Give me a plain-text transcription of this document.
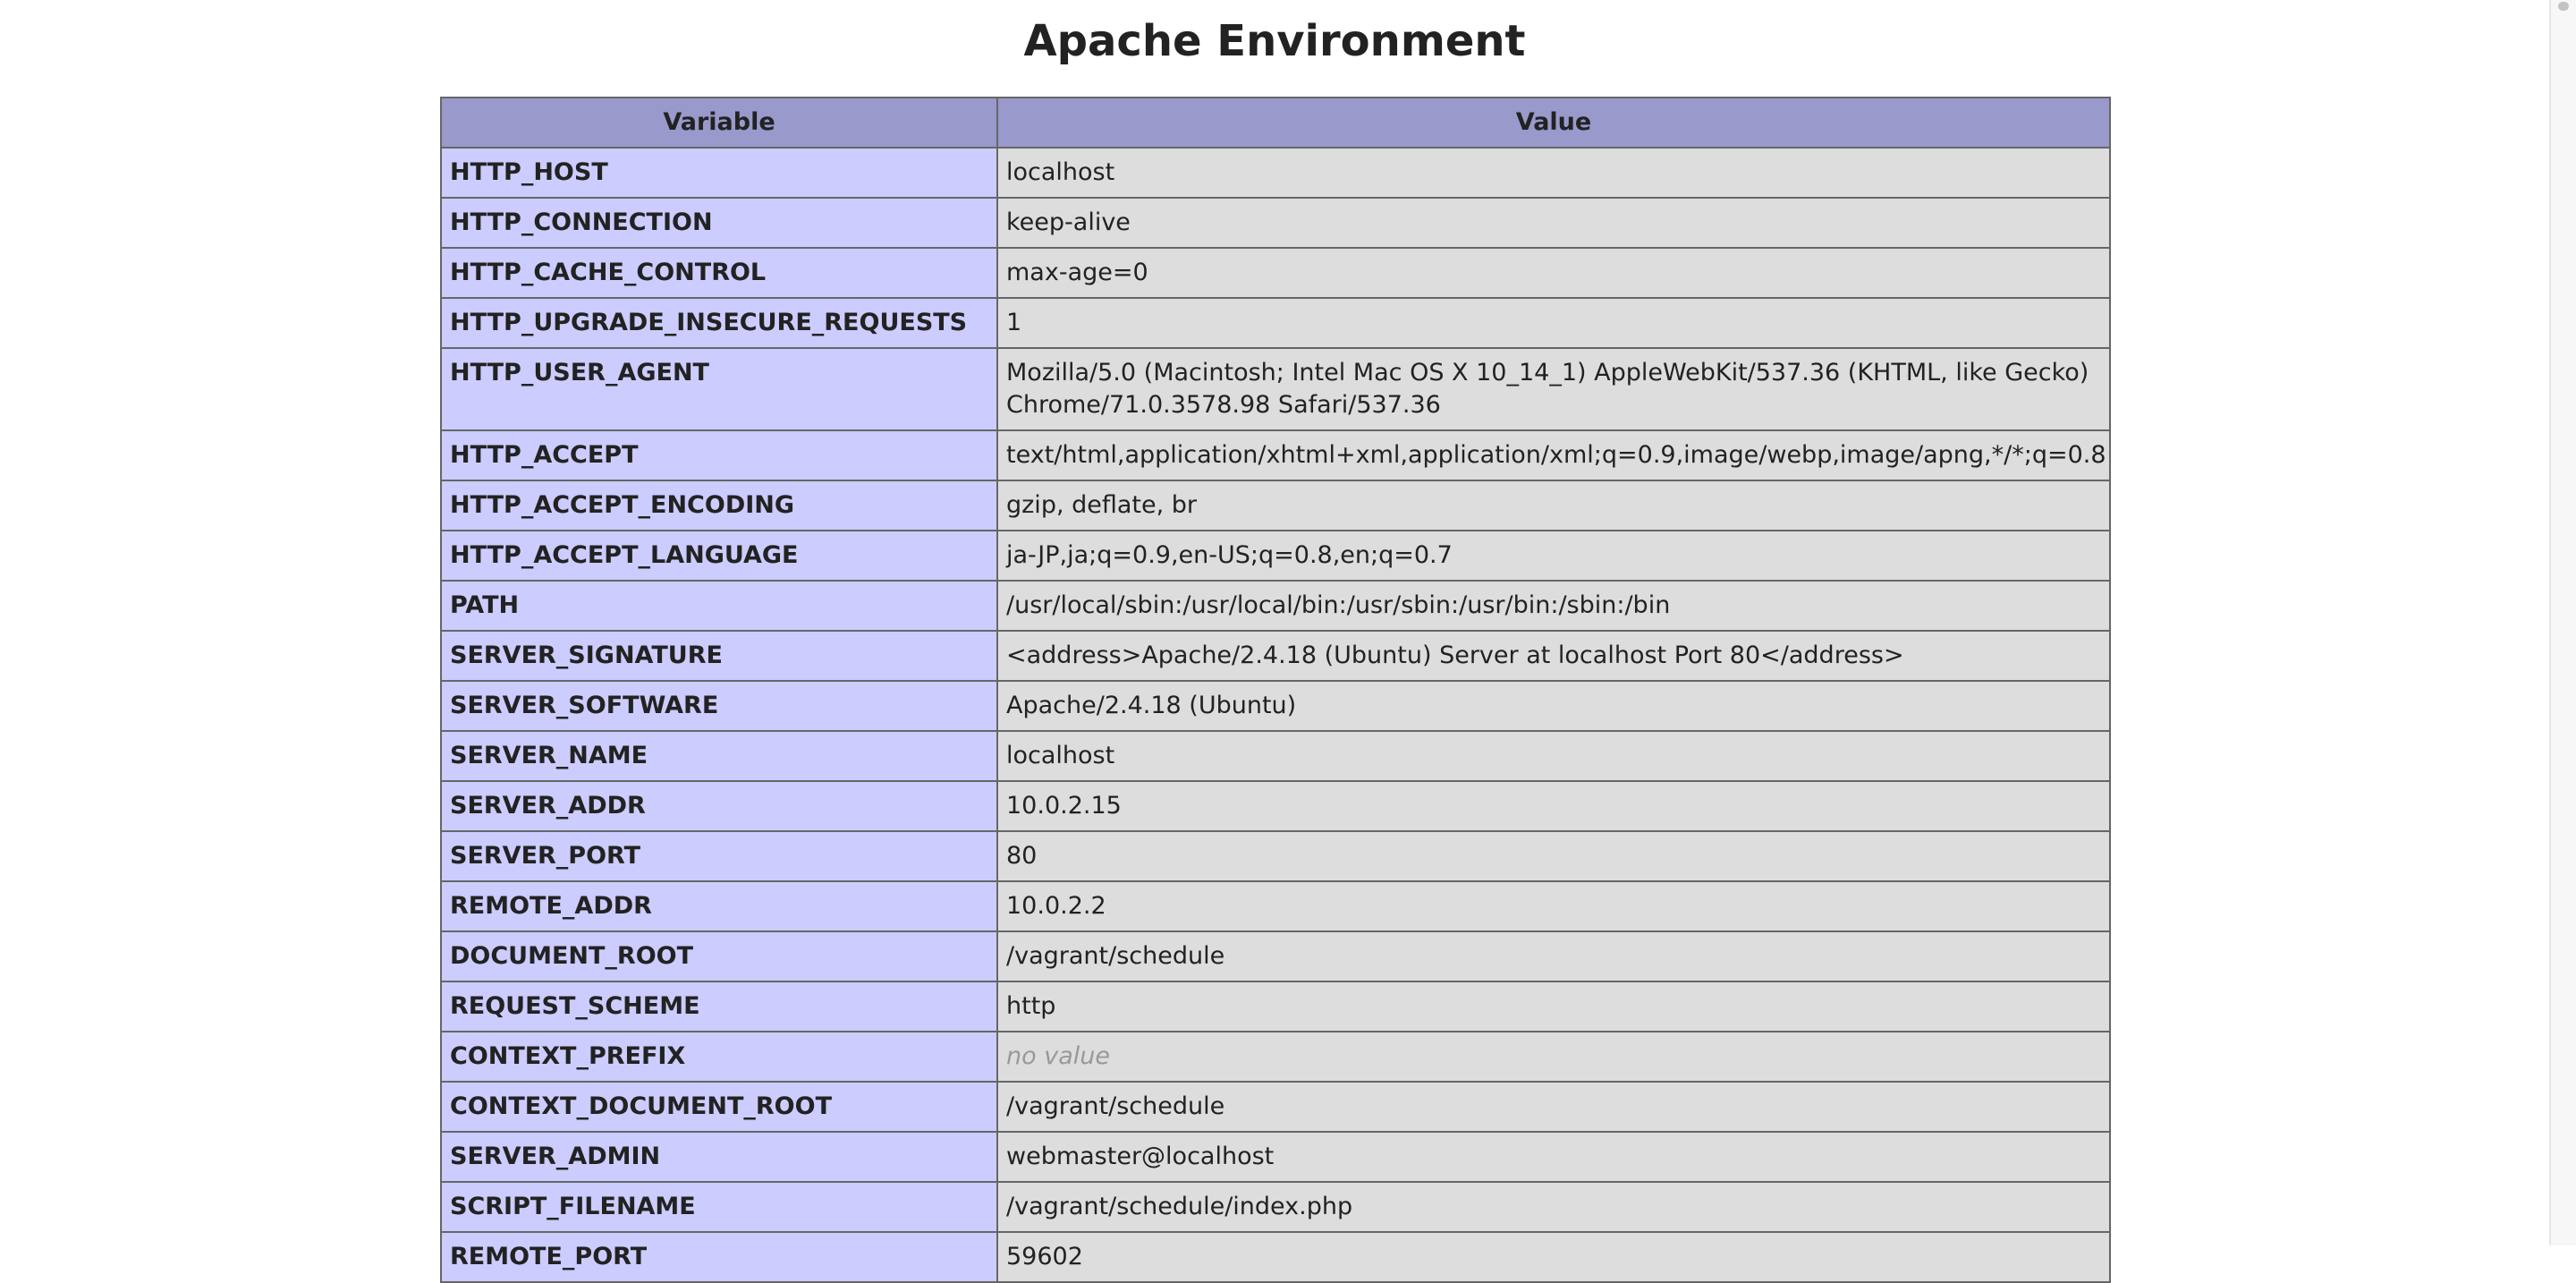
Apache Environment
Variable	Value
HTTP_HOST	localhost
HTTP_CONNECTION	keep-alive
HTTP_CACHE_CONTROL	max-age=0
HTTP_UPGRADE_INSECURE_REQUESTS	1
HTTP_USER_AGENT	Mozilla/5.0 (Macintosh; Intel Mac OS X 10_14_1) AppleWebKit/537.36 (KHTML, like Gecko) Chrome/71.0.3578.98 Safari/537.36
HTTP_ACCEPT	text/html,application/xhtml+xml,application/xml;q=0.9,image/webp,image/apng,*/*;q=0.8
HTTP_ACCEPT_ENCODING	gzip, deflate, br
HTTP_ACCEPT_LANGUAGE	ja-JP,ja;q=0.9,en-US;q=0.8,en;q=0.7
PATH	/usr/local/sbin:/usr/local/bin:/usr/sbin:/usr/bin:/sbin:/bin
SERVER_SIGNATURE	<address>Apache/2.4.18 (Ubuntu) Server at localhost Port 80</address>
SERVER_SOFTWARE	Apache/2.4.18 (Ubuntu)
SERVER_NAME	localhost
SERVER_ADDR	10.0.2.15
SERVER_PORT	80
REMOTE_ADDR	10.0.2.2
DOCUMENT_ROOT	/vagrant/schedule
REQUEST_SCHEME	http
CONTEXT_PREFIX	no value
CONTEXT_DOCUMENT_ROOT	/vagrant/schedule
SERVER_ADMIN	webmaster@localhost
SCRIPT_FILENAME	/vagrant/schedule/index.php
REMOTE_PORT	59602
